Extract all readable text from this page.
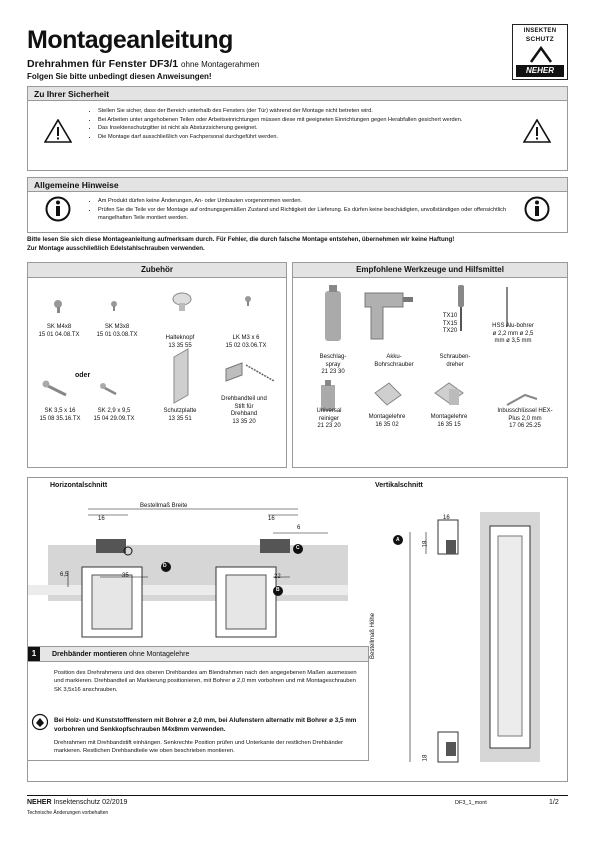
Montageanleitung
Drehrahmen für Fenster DF3/1 ohne Montagerahmen
Folgen Sie bitte unbedingt diesen Anweisungen!
INSEKTEN
SCHUTZ
NEHER
Zu Ihrer Sicherheit
• Stellen Sie sicher, dass der Bereich unterhalb des Fensters (der Tür) während der Montage nicht betreten wird.
• Bei Arbeiten unter angehobenen Teilen oder Arbeitseinrichtungen müssen diese mit geeigneten Einrichtungen gegen Herabfallen gesichert werden.
• Das Insektenschutzgitter ist nicht als Absturzsicherung geeignet.
• Die Montage darf ausschließlich von Fachpersonal durchgeführt werden.
Allgemeine Hinweise
• Am Produkt dürfen keine Änderungen, An- oder Umbauten vorgenommen werden.
• Prüfen Sie die Teile vor der Montage auf ordnungsgemäßen Zustand und Richtigkeit der Lieferung. Es dürfen keine beschädigten, unvollständigen oder offensichtlich mangelhaften Teile montiert werden.
Bitte lesen Sie sich diese Montageanleitung aufmerksam durch. Für Fehler, die durch falsche Montage entstehen, übernehmen wir keine Haftung!
Zur Montage ausschließlich Edelstahlschrauben verwenden.
Zubehör
SK M4x8
15 01 04.08.TX
SK M3x8
15 01 03.08.TX
Halteknopf
13 35 55
LK M3 x 6
15 02 03.06.TX
oder
SK 3,5 x 16
15 08 35.16.TX
SK 2,9 x 9,5
15 04 29.09.TX
Schutzplatte
13 35 51
Drehbandteil und Stift für Drehband
13 35 20
Empfohlene Werkzeuge und Hilfsmittel
Beschlag-spray
21 23 30
Akku-Bohrschrauber
TX10 TX15 TX20
Schrauben-dreher
HSS Alu-bohrer
ø 2,2 mm ø 2,5 mm ø 3,5 mm
Universal reiniger
21 23 20
Montagelehre
16 35 02
Montagelehre
16 35 15
Inbusschlüssel HEX-Plus 2,0 mm
17 06 25.25
Horizontalschnitt	Vertikalschnitt
Bestellmaß Breite
16	16
6
6,5	35	22
D
C
B
16
18
18
Bestellmaß Höhe
A
1 Drehbänder montieren ohne Montagelehre
Position des Drehrahmens und des oberen Drehbandes am Blendrahmen nach den angegebenen Maßen ausmessen und markieren. Drehbandteil an Markierung positionieren, mit Bohrer ø 2,0 mm vorbohren und mit Montageschrauben SK 3,5x16 anschrauben.
Bei Holz- und Kunststofffenstern mit Bohrer ø 2,0 mm, bei Alufenstern alternativ mit Bohrer ø 3,5 mm vorbohren und Senkkopfschrauben M4x8mm verwenden.
Drehrahmen mit Drehbandstift einhängen. Senkrechte Position prüfen und Unterkante der restlichen Drehbänder markieren. Restlichen Drehbandteile wie oben beschrieben montieren.
NEHER Insektenschutz 02/2019
Technische Änderungen vorbehalten
DF3_1_mont	1/2
